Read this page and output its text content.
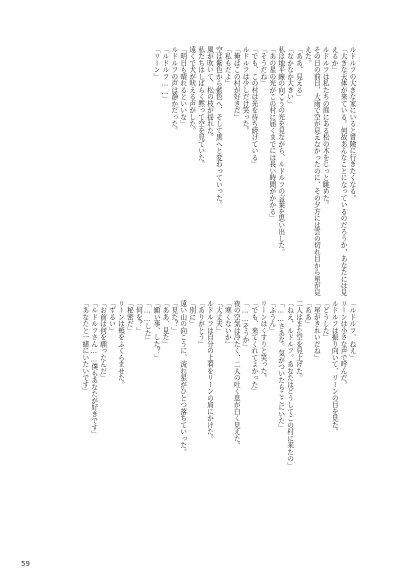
ルドルフの大きな家にいると冒険に行きたくなる。

「大きな天体が来ている。何故あんなことになっているのだろうか、あなたには見えるか」

ルドルフは私たちの庭にある松の木をじっと眺めた。

その日の前日、大雨で空が見えなかったのに、その夕方には雲の切れ目から星が見えた。

「ああ、見える」

「なかなか大きい」

私は地平線の向こうの光を見ながら、ルドルフの言葉を思い出した。

「あの星の光がこの村に届くまでには長い時間がかかる」

「そうだね」

「でも、この村は光を待ち続けている」

ルドルフは少しだけ笑った。

「俺はこの村が好きだ」

「私もだよ」

空は紫色から藍色へ、そして黒へと変わっていった。

風が吹いて、松の枝が揺れた。

私たちはしばらく黙って空を見ていた。

遠くで犬が吠える声がした。

「明日も晴れるといいな」

ルドルフの声は静かだった。

「ルドルフ……」

「リーン」

「ルドルフ、ねえ」

リーンは小さな声で呼んだ。

ルドルフは振り向いて、リーンの目を見た。

「どうした」

「星がきれいだね」

「ああ」

二人はまた空を見上げた。

「ねえ、ルドルフ。あなたはどうしてこの村に来たの」

「……さあな。気がついたらここにいた」

「ふうん」

リーンはくすりと笑った。

「でも、来てくれてよかった」

「……そうか」

夜の空気は冷たく、二人の吐く息が白く見えた。

「寒くないか」

「大丈夫」

ルドルフは自分の上着をリーンの肩にかけた。

「ありがとう」

「別に」

遠い山の向こうに、流れ星がひとつ落ちていった。

「見た？」

「ああ、見た」

「願い事、した？」

「……した」

「何を？」

「秘密だ」

リーンは頬をふくらませた。

「ずるい」

「お前は何を願ったんだ」

「ルドルフさん……僕もあなたが好きです」

「あなたと一緒にいたいです」

59
